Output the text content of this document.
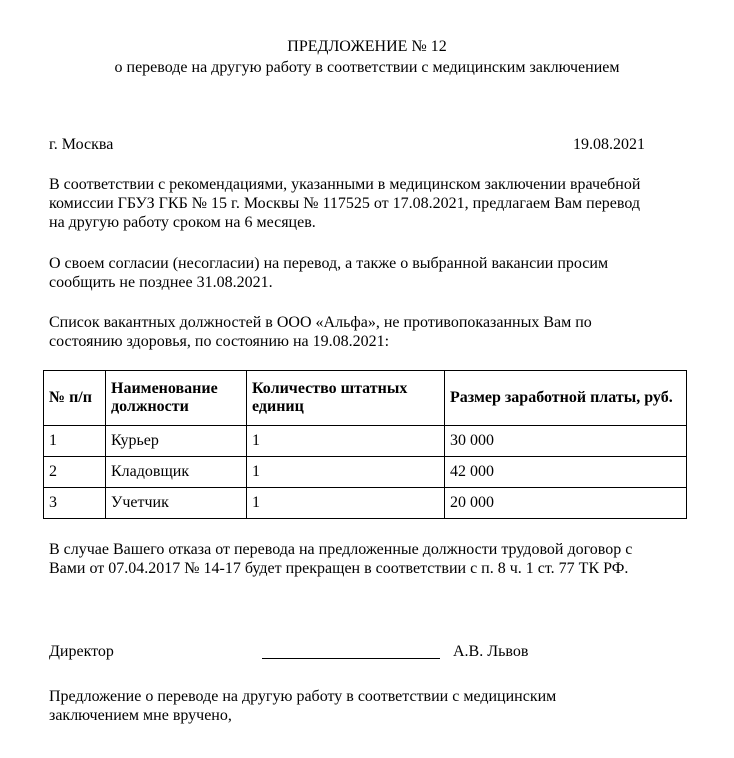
ПРЕДЛОЖЕНИЕ № 12
о переводе на другую работу в соответствии с медицинским заключением
г. Москва	19.08.2021
В соответствии с рекомендациями, указанными в медицинском заключении врачебной
комиссии ГБУЗ ГКБ № 15 г. Москвы № 117525 от 17.08.2021, предлагаем Вам перевод
на другую работу сроком на 6 месяцев.
О своем согласии (несогласии) на перевод, а также о выбранной вакансии просим
сообщить не позднее 31.08.2021.
Список вакантных должностей в ООО «Альфа», не противопоказанных Вам по
состоянию здоровья, по состоянию на 19.08.2021:
№ п/п	Наименование должности	Количество штатных единиц	Размер заработной платы, руб.
1	Курьер	1	30 000
2	Кладовщик	1	42 000
3	Учетчик	1	20 000
В случае Вашего отказа от перевода на предложенные должности трудовой договор с
Вами от 07.04.2017 № 14-17 будет прекращен в соответствии с п. 8 ч. 1 ст. 77 ТК РФ.
Директор	А.В. Львов
Предложение о переводе на другую работу в соответствии с медицинским
заключением мне вручено,
